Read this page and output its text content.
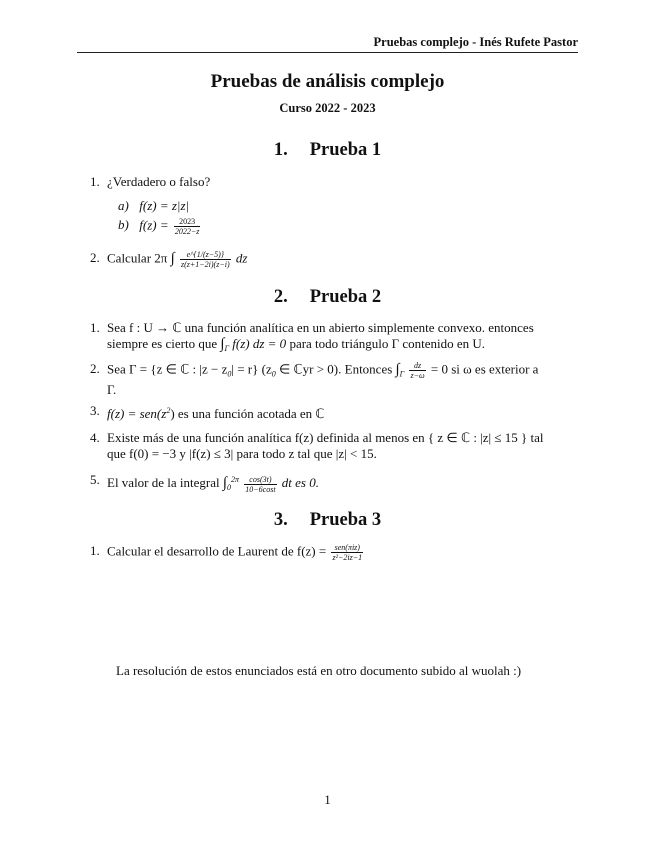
Pruebas complejo - Inés Rufete Pastor
Pruebas de análisis complejo
Curso 2022 - 2023
1. Prueba 1
1. ¿Verdadero o falso?
a) f(z) = z|z|
b) $f(z) = \frac{2023}{2022-z}$
2. Calcular 2π ∫ $\frac{e\^{}\{1/(z-5)\}}{z(z+1-2i)(z-i)}$ dz
2. Prueba 2
1. Sea f : U → ℂ una función analítica en un abierto simplemente convexo. entonces
siempre es cierto que $\int_\Gamma$ f(z) dz = 0 para todo triángulo Γ contenido en U.
2. Sea Γ = {z ∈ ℂ : $|z - z_0| = r$} ($z_0$ ∈ ℂyr > 0). Entonces $\int_\Gamma \frac{dz}{z-\omega} = 0$ si ω es exterior a
Γ.
3. $f(z) = sen(z^2)$ es una función acotada en ℂ
4. Existe más de una función analítica f(z) definida al menos en { z ∈ ℂ : |z| ≤ 15 } tal
que f(0) = −3 y |f(z) ≤ 3| para todo z tal que |z| < 15.
5. El valor de la integral $\int_0^{2\pi} \frac{\cos(3t)}{10-6\cos t}$ dt es 0.
3. Prueba 3
1. Calcular el desarrollo de Laurent de $f(z) = \frac{\text{sen(πiz)}}{\text{z²−2iz−1}}$
La resolución de estos enunciados está en otro documento subido al wuolah :)
1
